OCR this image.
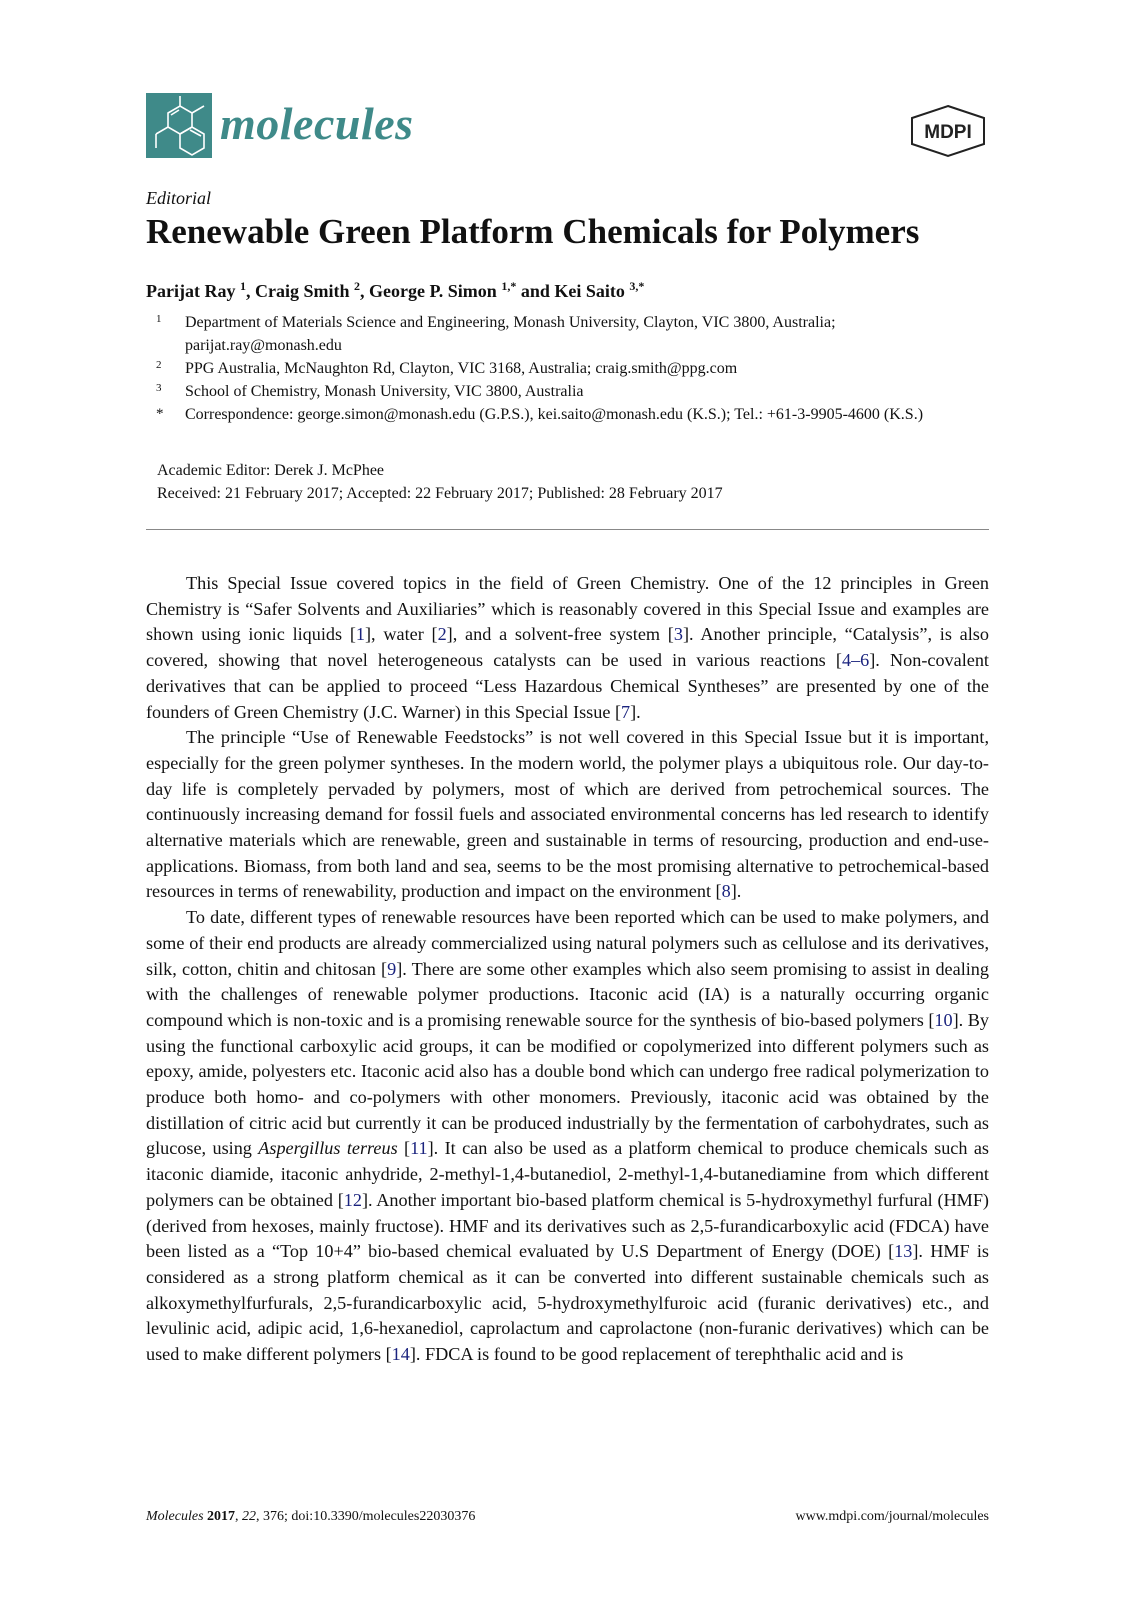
molecules	MDPI
Editorial
Renewable Green Platform Chemicals for Polymers
Parijat Ray $^1$, Craig Smith $^2$, George P. Simon $^{1,*}$ and Kei Saito $^{3,*}$
1	Department of Materials Science and Engineering, Monash University, Clayton, VIC 3800, Australia; parijat.ray@monash.edu
2	PPG Australia, McNaughton Rd, Clayton, VIC 3168, Australia; craig.smith@ppg.com
3	School of Chemistry, Monash University, VIC 3800, Australia
*	Correspondence: george.simon@monash.edu (G.P.S.), kei.saito@monash.edu (K.S.); Tel.: +61-3-9905-4600 (K.S.)
Academic Editor: Derek J. McPhee
Received: 21 February 2017; Accepted: 22 February 2017; Published: 28 February 2017

This Special Issue covered topics in the field of Green Chemistry. One of the 12 principles in Green Chemistry is “Safer Solvents and Auxiliaries” which is reasonably covered in this Special Issue and examples are shown using ionic liquids [1], water [2], and a solvent-free system [3]. Another principle, “Catalysis”, is also covered, showing that novel heterogeneous catalysts can be used in various reactions [4–6]. Non-covalent derivatives that can be applied to proceed “Less Hazardous Chemical Syntheses” are presented by one of the founders of Green Chemistry (J.C. Warner) in this Special Issue [7].

The principle “Use of Renewable Feedstocks” is not well covered in this Special Issue but it is important, especially for the green polymer syntheses. In the modern world, the polymer plays a ubiquitous role. Our day-to-day life is completely pervaded by polymers, most of which are derived from petrochemical sources. The continuously increasing demand for fossil fuels and associated environmental concerns has led research to identify alternative materials which are renewable, green and sustainable in terms of resourcing, production and end-use-applications. Biomass, from both land and sea, seems to be the most promising alternative to petrochemical-based resources in terms of renewability, production and impact on the environment [8].

To date, different types of renewable resources have been reported which can be used to make polymers, and some of their end products are already commercialized using natural polymers such as cellulose and its derivatives, silk, cotton, chitin and chitosan [9]. There are some other examples which also seem promising to assist in dealing with the challenges of renewable polymer productions. Itaconic acid (IA) is a naturally occurring organic compound which is non-toxic and is a promising renewable source for the synthesis of bio-based polymers [10]. By using the functional carboxylic acid groups, it can be modified or copolymerized into different polymers such as epoxy, amide, polyesters etc. Itaconic acid also has a double bond which can undergo free radical polymerization to produce both homo- and co-polymers with other monomers. Previously, itaconic acid was obtained by the distillation of citric acid but currently it can be produced industrially by the fermentation of carbohydrates, such as glucose, using Aspergillus terreus [11]. It can also be used as a platform chemical to produce chemicals such as itaconic diamide, itaconic anhydride, 2-methyl-1,4-butanediol, 2-methyl-1,4-butanediamine from which different polymers can be obtained [12]. Another important bio-based platform chemical is 5-hydroxymethyl furfural (HMF) (derived from hexoses, mainly fructose). HMF and its derivatives such as 2,5-furandicarboxylic acid (FDCA) have been listed as a “Top 10+4” bio-based chemical evaluated by U.S Department of Energy (DOE) [13]. HMF is considered as a strong platform chemical as it can be converted into different sustainable chemicals such as alkoxymethylfurfurals, 2,5-furandicarboxylic acid, 5-hydroxymethylfuroic acid (furanic derivatives) etc., and levulinic acid, adipic acid, 1,6-hexanediol, caprolactum and caprolactone (non-furanic derivatives) which can be used to make different polymers [14]. FDCA is found to be good replacement of terephthalic acid and is

Molecules 2017, 22, 376; doi:10.3390/molecules22030376	www.mdpi.com/journal/molecules
